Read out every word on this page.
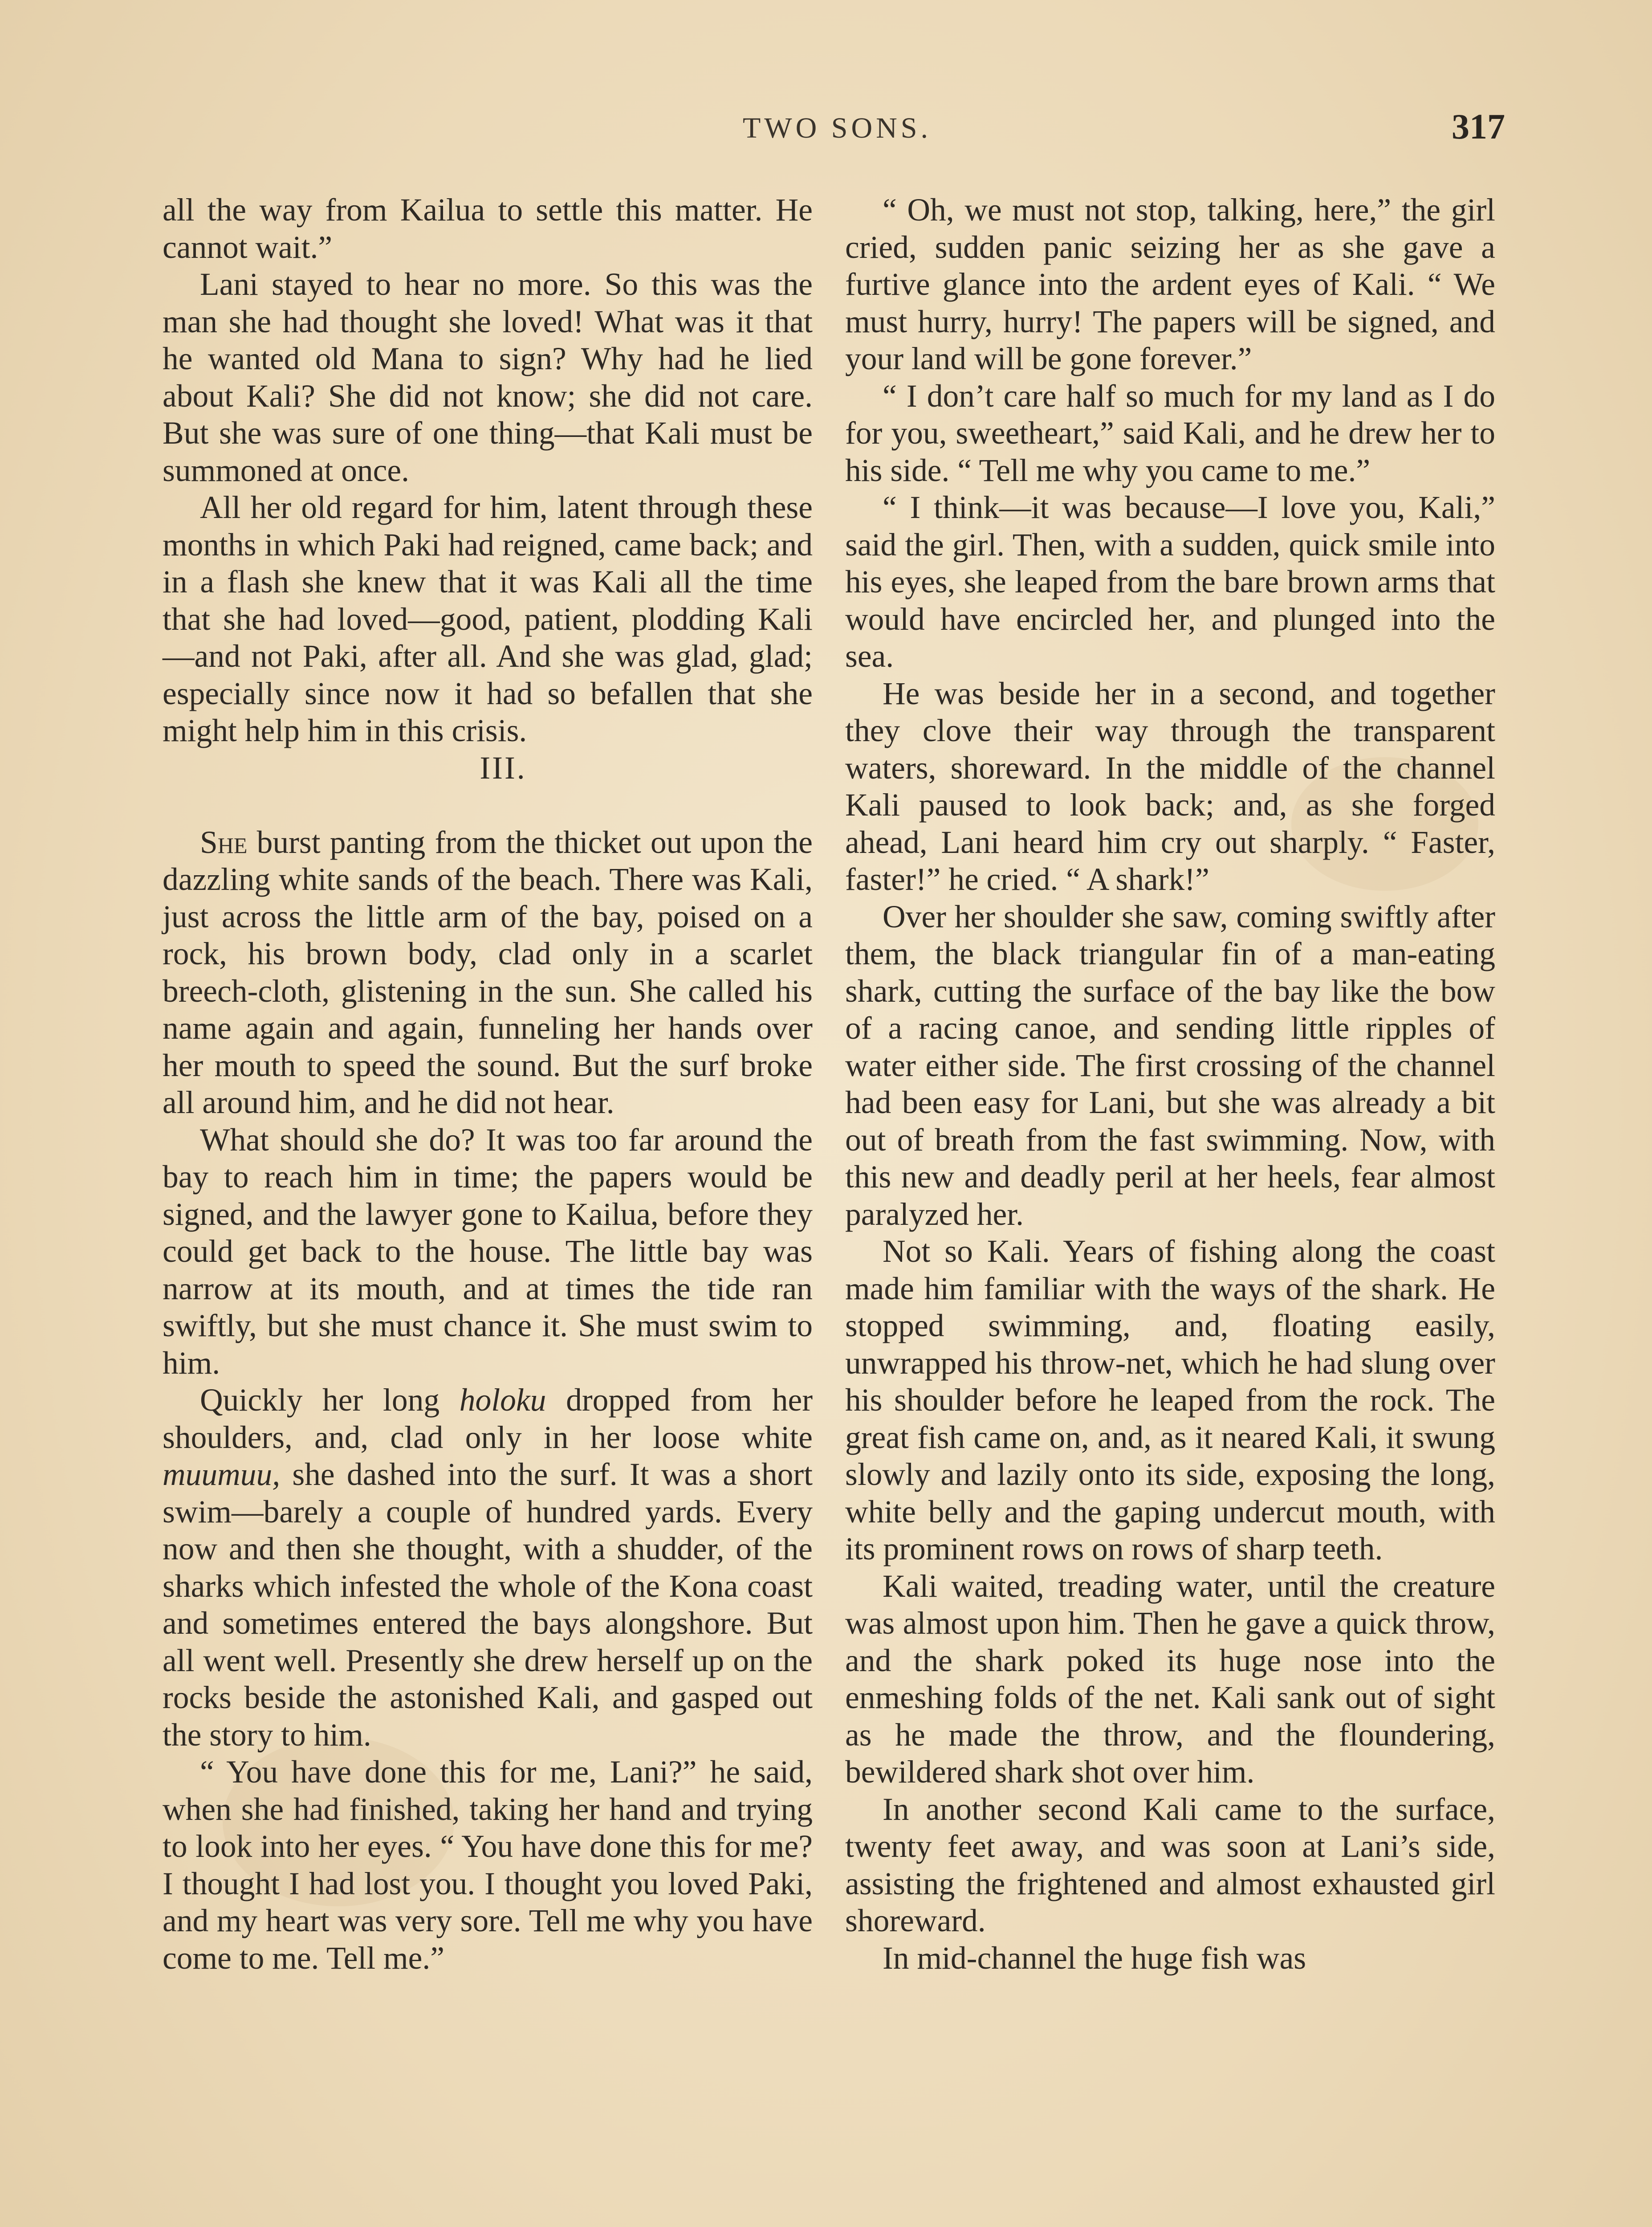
TWO SONS.	317

all the way from Kailua to settle this matter. He cannot wait.”

Lani stayed to hear no more. So this was the man she had thought she loved! What was it that he wanted old Mana to sign? Why had he lied about Kali? She did not know; she did not care. But she was sure of one thing—that Kali must be summoned at once.

All her old regard for him, latent through these months in which Paki had reigned, came back; and in a flash she knew that it was Kali all the time that she had loved—good, patient, plodding Kali—and not Paki, after all. And she was glad, glad; especially since now it had so befallen that she might help him in this crisis.

III.

She burst panting from the thicket out upon the dazzling white sands of the beach. There was Kali, just across the little arm of the bay, poised on a rock, his brown body, clad only in a scarlet breech-cloth, glistening in the sun. She called his name again and again, funneling her hands over her mouth to speed the sound. But the surf broke all around him, and he did not hear.

What should she do? It was too far around the bay to reach him in time; the papers would be signed, and the lawyer gone to Kailua, before they could get back to the house. The little bay was narrow at its mouth, and at times the tide ran swiftly, but she must chance it. She must swim to him.

Quickly her long holoku dropped from her shoulders, and, clad only in her loose white muumuu, she dashed into the surf. It was a short swim—barely a couple of hundred yards. Every now and then she thought, with a shudder, of the sharks which infested the whole of the Kona coast and sometimes entered the bays alongshore. But all went well. Presently she drew herself up on the rocks beside the astonished Kali, and gasped out the story to him.

“ You have done this for me, Lani?” he said, when she had finished, taking her hand and trying to look into her eyes. “ You have done this for me? I thought I had lost you. I thought you loved Paki, and my heart was very sore. Tell me why you have come to me. Tell me.”

“ Oh, we must not stop, talking, here,” the girl cried, sudden panic seizing her as she gave a furtive glance into the ardent eyes of Kali. “ We must hurry, hurry! The papers will be signed, and your land will be gone forever.”

“ I don’t care half so much for my land as I do for you, sweetheart,” said Kali, and he drew her to his side. “ Tell me why you came to me.”

“ I think—it was because—I love you, Kali,” said the girl. Then, with a sudden, quick smile into his eyes, she leaped from the bare brown arms that would have encircled her, and plunged into the sea.

He was beside her in a second, and together they clove their way through the transparent waters, shoreward. In the middle of the channel Kali paused to look back; and, as she forged ahead, Lani heard him cry out sharply. “ Faster, faster!” he cried. “ A shark!”

Over her shoulder she saw, coming swiftly after them, the black triangular fin of a man-eating shark, cutting the surface of the bay like the bow of a racing canoe, and sending little ripples of water either side. The first crossing of the channel had been easy for Lani, but she was already a bit out of breath from the fast swimming. Now, with this new and deadly peril at her heels, fear almost paralyzed her.

Not so Kali. Years of fishing along the coast made him familiar with the ways of the shark. He stopped swimming, and, floating easily, unwrapped his throw-net, which he had slung over his shoulder before he leaped from the rock. The great fish came on, and, as it neared Kali, it swung slowly and lazily onto its side, exposing the long, white belly and the gaping undercut mouth, with its prominent rows on rows of sharp teeth.

Kali waited, treading water, until the creature was almost upon him. Then he gave a quick throw, and the shark poked its huge nose into the enmeshing folds of the net. Kali sank out of sight as he made the throw, and the floundering, bewildered shark shot over him.

In another second Kali came to the surface, twenty feet away, and was soon at Lani’s side, assisting the frightened and almost exhausted girl shoreward.

In mid-channel the huge fish was
